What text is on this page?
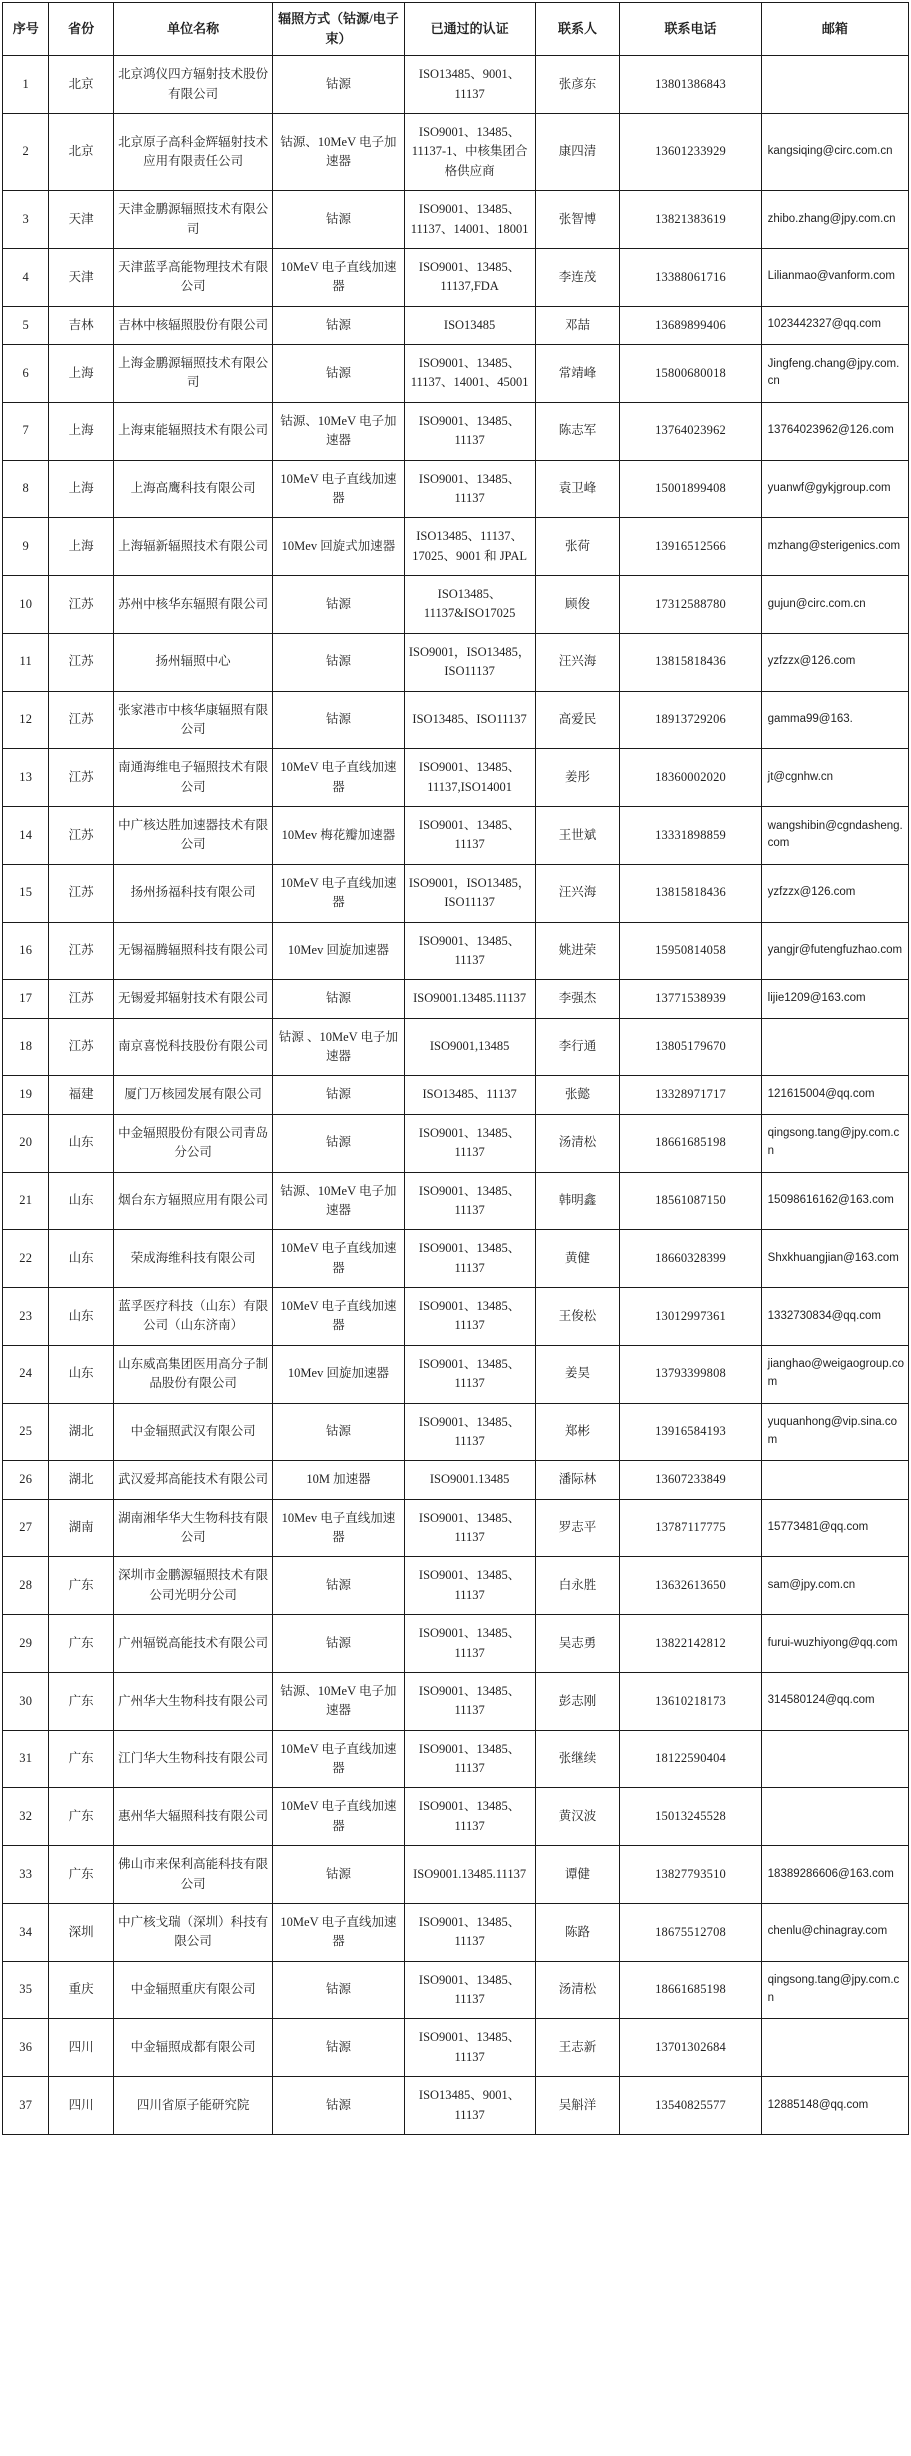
序号	省份	单位名称	辐照方式（钴源/电子束）	已通过的认证	联系人	联系电话	邮箱
1	北京	北京鸿仪四方辐射技术股份有限公司	钴源	ISO13485、9001、11137	张彦东	13801386843	
2	北京	北京原子高科金辉辐射技术应用有限责任公司	钴源、10MeV 电子加速器	ISO9001、13485、11137-1、中核集团合格供应商	康四清	13601233929	kangsiqing@circ.com.cn
3	天津	天津金鹏源辐照技术有限公司	钴源	ISO9001、13485、11137、14001、18001	张智博	13821383619	zhibo.zhang@jpy.com.cn
4	天津	天津蓝孚高能物理技术有限公司	10MeV 电子直线加速器	ISO9001、13485、11137,FDA	李连茂	13388061716	Lilianmao@vanform.com
5	吉林	吉林中核辐照股份有限公司	钴源	ISO13485	邓喆	13689899406	1023442327@qq.com
6	上海	上海金鹏源辐照技术有限公司	钴源	ISO9001、13485、11137、14001、45001	常靖峰	15800680018	Jingfeng.chang@jpy.com.cn
7	上海	上海束能辐照技术有限公司	钴源、10MeV 电子加速器	ISO9001、13485、11137	陈志军	13764023962	13764023962@126.com
8	上海	上海高鹰科技有限公司	10MeV 电子直线加速器	ISO9001、13485、11137	袁卫峰	15001899408	yuanwf@gykjgroup.com
9	上海	上海辐新辐照技术有限公司	10Mev 回旋式加速器	ISO13485、11137、17025、9001 和 JPAL	张荷	13916512566	mzhang@sterigenics.com
10	江苏	苏州中核华东辐照有限公司	钴源	ISO13485、11137&ISO17025	顾俊	17312588780	gujun@circ.com.cn
11	江苏	扬州辐照中心	钴源	ISO9001，ISO13485，ISO11137	汪兴海	13815818436	yzfzzx@126.com
12	江苏	张家港市中核华康辐照有限公司	钴源	ISO13485、ISO11137	高爱民	18913729206	gamma99@163.
13	江苏	南通海维电子辐照技术有限公司	10MeV 电子直线加速器	ISO9001、13485、11137,ISO14001	姜彤	18360002020	jt@cgnhw.cn
14	江苏	中广核达胜加速器技术有限公司	10Mev 梅花瓣加速器	ISO9001、13485、11137	王世斌	13331898859	wangshibin@cgndasheng.com
15	江苏	扬州扬福科技有限公司	10MeV 电子直线加速器	ISO9001，ISO13485，ISO11137	汪兴海	13815818436	yzfzzx@126.com
16	江苏	无锡福腾辐照科技有限公司	10Mev 回旋加速器	ISO9001、13485、11137	姚进荣	15950814058	yangjr@futengfuzhao.com
17	江苏	无锡爱邦辐射技术有限公司	钴源	ISO9001.13485.11137	李强杰	13771538939	lijie1209@163.com
18	江苏	南京喜悦科技股份有限公司	钴源 、10MeV 电子加速器	ISO9001,13485	李行通	13805179670	
19	福建	厦门万核园发展有限公司	钴源	ISO13485、11137	张懿	13328971717	121615004@qq.com
20	山东	中金辐照股份有限公司青岛分公司	钴源	ISO9001、13485、11137	汤清松	18661685198	qingsong.tang@jpy.com.cn
21	山东	烟台东方辐照应用有限公司	钴源、10MeV 电子加速器	ISO9001、13485、11137	韩明鑫	18561087150	15098616162@163.com
22	山东	荣成海维科技有限公司	10MeV 电子直线加速器	ISO9001、13485、11137	黄健	18660328399	Shxkhuangjian@163.com
23	山东	蓝孚医疗科技（山东）有限公司（山东济南）	10MeV 电子直线加速器	ISO9001、13485、11137	王俊松	13012997361	1332730834@qq.com
24	山东	山东威高集团医用高分子制品股份有限公司	10Mev 回旋加速器	ISO9001、13485、11137	姜昊	13793399808	jianghao@weigaogroup.com
25	湖北	中金辐照武汉有限公司	钴源	ISO9001、13485、11137	郑彬	13916584193	yuquanhong@vip.sina.com
26	湖北	武汉爱邦高能技术有限公司	10M 加速器	ISO9001.13485	潘际林	13607233849	
27	湖南	湖南湘华华大生物科技有限公司	10Mev 电子直线加速器	ISO9001、13485、11137	罗志平	13787117775	15773481@qq.com
28	广东	深圳市金鹏源辐照技术有限公司光明分公司	钴源	ISO9001、13485、11137	白永胜	13632613650	sam@jpy.com.cn
29	广东	广州辐锐高能技术有限公司	钴源	ISO9001、13485、11137	吴志勇	13822142812	furui-wuzhiyong@qq.com
30	广东	广州华大生物科技有限公司	钴源、10MeV 电子加速器	ISO9001、13485、11137	彭志刚	13610218173	314580124@qq.com
31	广东	江门华大生物科技有限公司	10MeV 电子直线加速器	ISO9001、13485、11137	张继续	18122590404	
32	广东	惠州华大辐照科技有限公司	10MeV 电子直线加速器	ISO9001、13485、11137	黄汉波	15013245528	
33	广东	佛山市来保利高能科技有限公司	钴源	ISO9001.13485.11137	谭健	13827793510	18389286606@163.com
34	深圳	中广核戈瑞（深圳）科技有限公司	10MeV 电子直线加速器	ISO9001、13485、11137	陈路	18675512708	chenlu@chinagray.com
35	重庆	中金辐照重庆有限公司	钴源	ISO9001、13485、11137	汤清松	18661685198	qingsong.tang@jpy.com.cn
36	四川	中金辐照成都有限公司	钴源	ISO9001、13485、11137	王志新	13701302684	
37	四川	四川省原子能研究院	钴源	ISO13485、9001、11137	吴斛洋	13540825577	12885148@qq.com
